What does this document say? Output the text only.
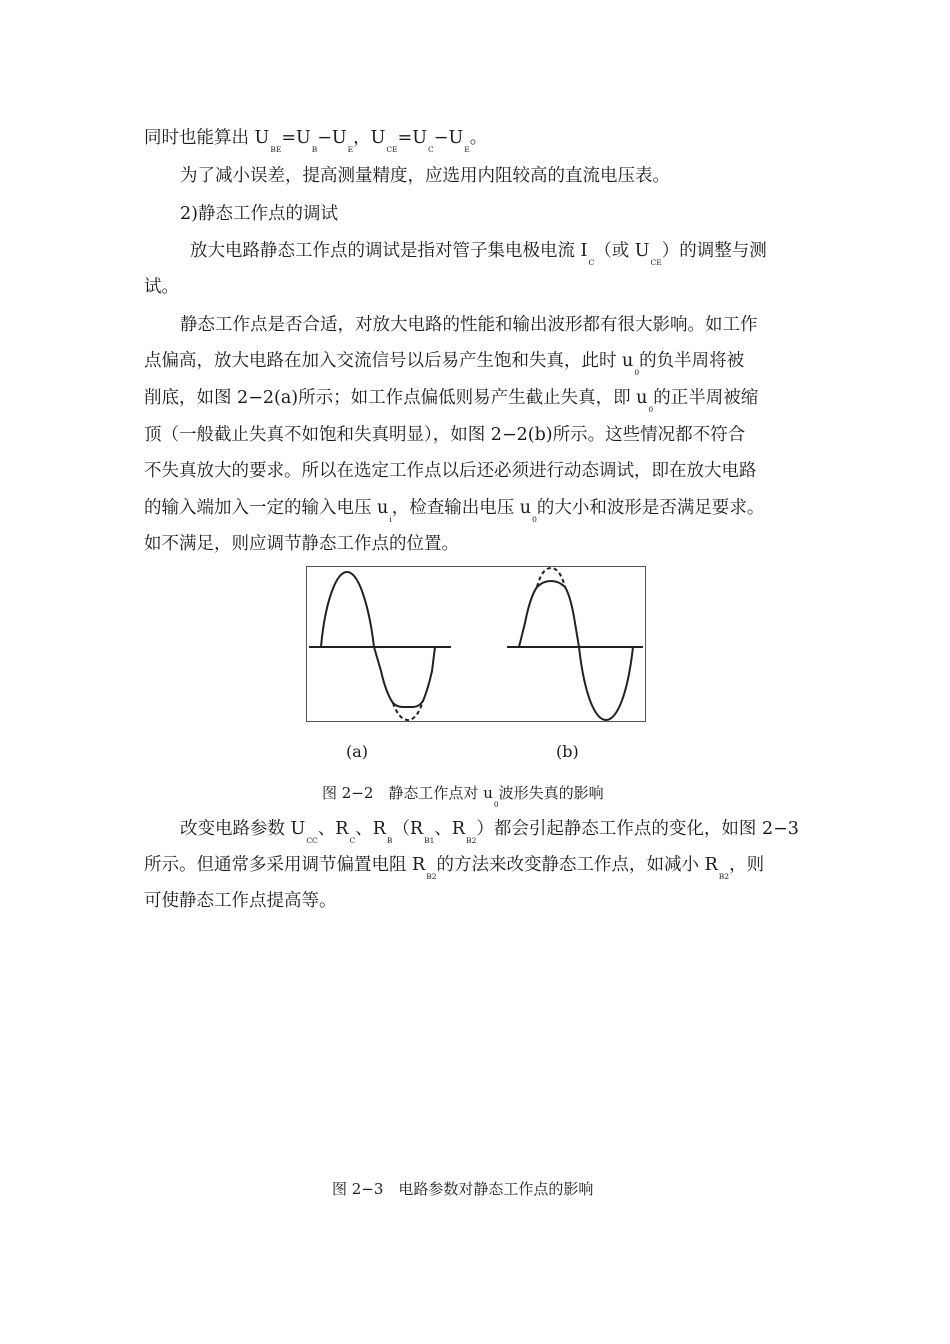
同时也能算出 $U_{BE}=U_B-U_E$，$U_{CE}=U_C-U_E$。
为了减小误差，提高测量精度，应选用内阻较高的直流电压表。
2)静态工作点的调试
放大电路静态工作点的调试是指对管子集电极电流 $I_C$（或 $U_{CE}$）的调整与测
试。
静态工作点是否合适，对放大电路的性能和输出波形都有很大影响。如工作
点偏高，放大电路在加入交流信号以后易产生饱和失真，此时 $u_0$的负半周将被
削底，如图 2−2(a)所示；如工作点偏低则易产生截止失真，即 $u_0$的正半周被缩
顶（一般截止失真不如饱和失真明显），如图 2−2(b)所示。这些情况都不符合
不失真放大的要求。所以在选定工作点以后还必须进行动态调试，即在放大电路
的输入端加入一定的输入电压 $u_i$，检查输出电压 $u_0$的大小和波形是否满足要求。
如不满足，则应调节静态工作点的位置。
(a)	(b)
图 2−2　静态工作点对 $u_0$波形失真的影响
改变电路参数 $U_{CC}$、$R_C$、$R_B(R_{B1}$、$R_{B2}$）都会引起静态工作点的变化，如图 2−3
所示。但通常多采用调节偏置电阻 $R_{B2}$的方法来改变静态工作点，如减小 $R_{B2}$，则
可使静态工作点提高等。
图 2−3　电路参数对静态工作点的影响
